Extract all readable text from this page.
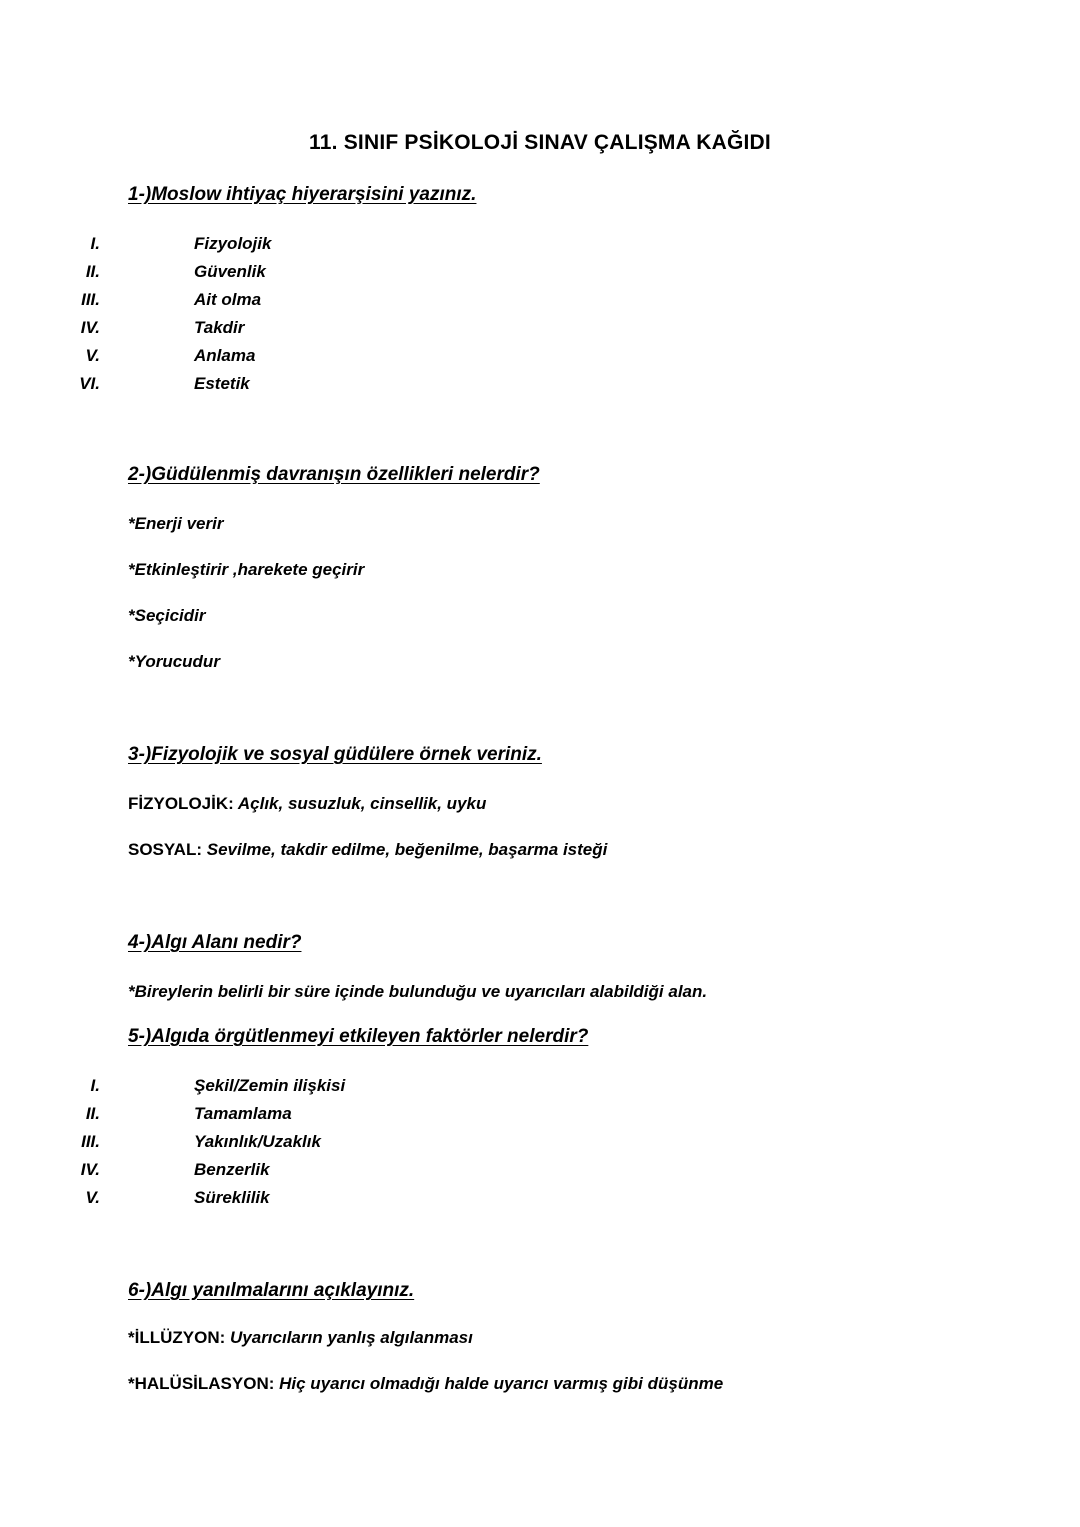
11. SINIF PSİKOLOJİ SINAV ÇALIŞMA KAĞIDI
1-)Moslow ihtiyaç hiyerarşisini yazınız.
I.	Fizyolojik
II.	Güvenlik
III.	Ait olma
IV.	Takdir
V.	Anlama
VI.	Estetik
2-)Güdülenmiş davranışın özellikleri nelerdir?
*Enerji verir
*Etkinleştirir ,harekete geçirir
*Seçicidir
*Yorucudur
3-)Fizyolojik ve sosyal güdülere örnek veriniz.
FİZYOLOJİK: Açlık, susuzluk, cinsellik, uyku
SOSYAL: Sevilme, takdir edilme, beğenilme, başarma isteği
4-)Algı Alanı nedir?
*Bireylerin belirli bir süre içinde bulunduğu ve uyarıcıları alabildiği alan.
5-)Algıda örgütlenmeyi etkileyen faktörler nelerdir?
I.	Şekil/Zemin ilişkisi
II.	Tamamlama
III.	Yakınlık/Uzaklık
IV.	Benzerlik
V.	Süreklilik
6-)Algı yanılmalarını açıklayınız.
*İLLÜZYON: Uyarıcıların yanlış algılanması
*HALÜSİLASYON: Hiç uyarıcı olmadığı halde uyarıcı varmış gibi düşünme
